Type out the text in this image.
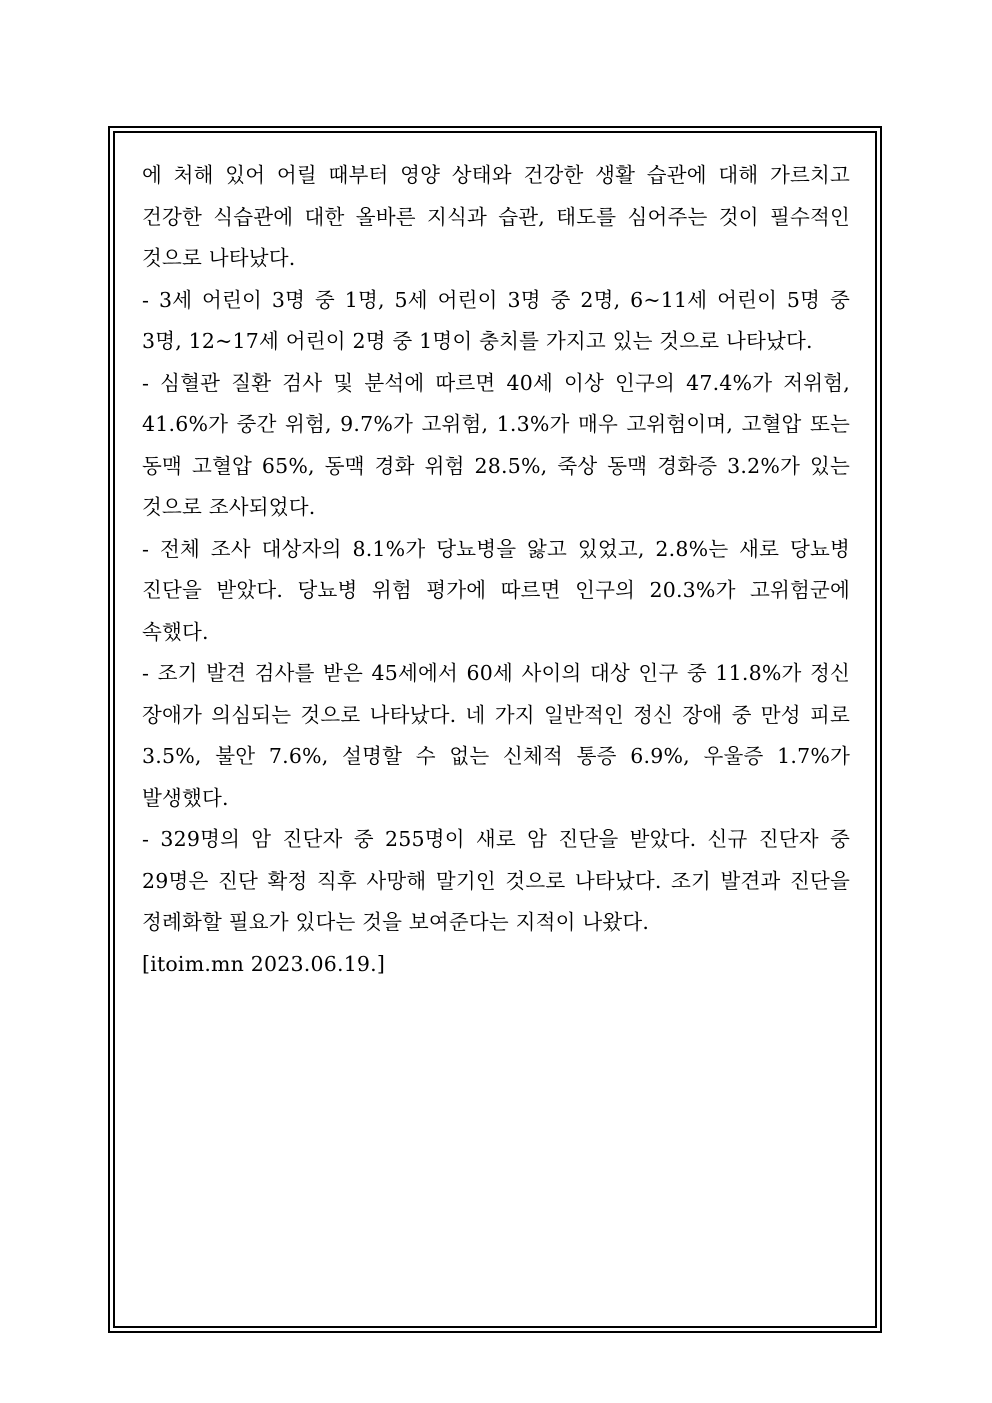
에 처해 있어 어릴 때부터 영양 상태와 건강한 생활 습관에 대해 가르치고 건강한 식습관에 대한 올바른 지식과 습관, 태도를 심어주는 것이 필수적인 것으로 나타났다.

- 3세 어린이 3명 중 1명, 5세 어린이 3명 중 2명, 6~11세 어린이 5명 중 3명, 12~17세 어린이 2명 중 1명이 충치를 가지고 있는 것으로 나타났다.

- 심혈관 질환 검사 및 분석에 따르면 40세 이상 인구의 47.4%가 저위험, 41.6%가 중간 위험, 9.7%가 고위험, 1.3%가 매우 고위험이며, 고혈압 또는 동맥 고혈압 65%, 동맥 경화 위험 28.5%, 죽상 동맥 경화증 3.2%가 있는 것으로 조사되었다.

- 전체 조사 대상자의 8.1%가 당뇨병을 앓고 있었고, 2.8%는 새로 당뇨병 진단을 받았다. 당뇨병 위험 평가에 따르면 인구의 20.3%가 고위험군에 속했다.

- 조기 발견 검사를 받은 45세에서 60세 사이의 대상 인구 중 11.8%가 정신 장애가 의심되는 것으로 나타났다. 네 가지 일반적인 정신 장애 중 만성 피로 3.5%, 불안 7.6%, 설명할 수 없는 신체적 통증 6.9%, 우울증 1.7%가 발생했다.

- 329명의 암 진단자 중 255명이 새로 암 진단을 받았다. 신규 진단자 중 29명은 진단 확정 직후 사망해 말기인 것으로 나타났다. 조기 발견과 진단을 정례화할 필요가 있다는 것을 보여준다는 지적이 나왔다.

[itoim.mn 2023.06.19.]
